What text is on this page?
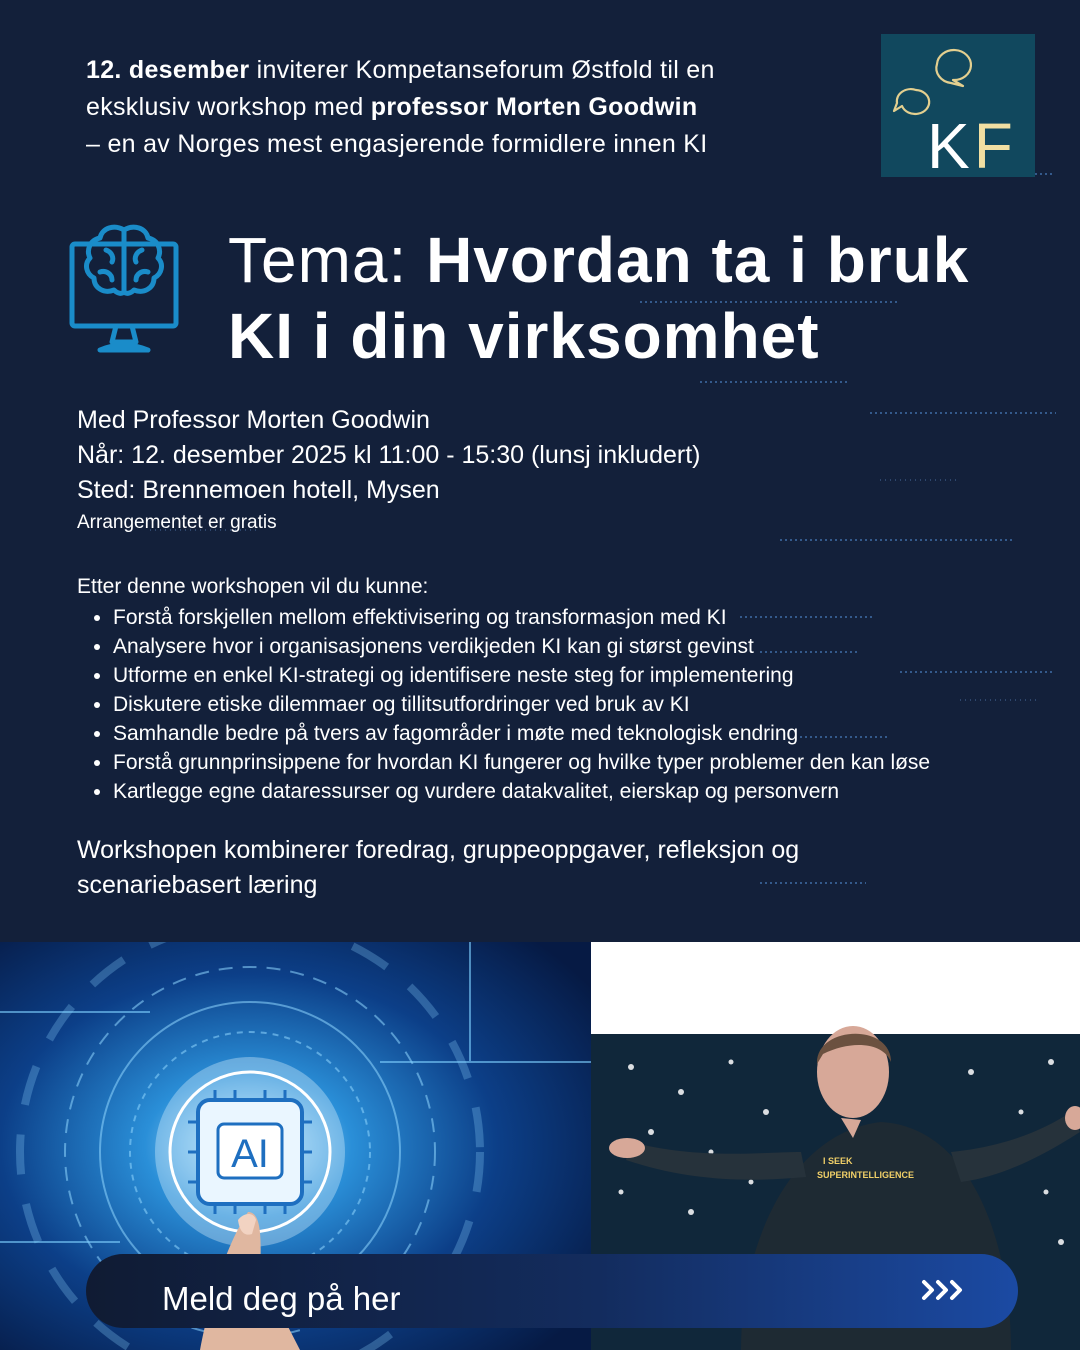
12. desember inviterer Kompetanseforum Østfold til en eksklusiv workshop med professor Morten Goodwin
– en av Norges mest engasjerende formidlere innen KI	KF
Tema: Hvordan ta i bruk KI i din virksomhet
Med Professor Morten Goodwin
Når: 12. desember 2025 kl 11:00 - 15:30 (lunsj inkludert)
Sted: Brennemoen hotell, Mysen
Arrangementet er gratis
Etter denne workshopen vil du kunne:
• Forstå forskjellen mellom effektivisering og transformasjon med KI
• Analysere hvor i organisasjonens verdikjeden KI kan gi størst gevinst
• Utforme en enkel KI-strategi og identifisere neste steg for implementering
• Diskutere etiske dilemmaer og tillitsutfordringer ved bruk av KI
• Samhandle bedre på tvers av fagområder i møte med teknologisk endring
• Forstå grunnprinsippene for hvordan KI fungerer og hvilke typer problemer den kan løse
• Kartlegge egne dataressurser og vurdere datakvalitet, eierskap og personvern
Workshopen kombinerer foredrag, gruppeoppgaver, refleksjon og scenariebasert læring
AI	I SEEK
SUPERINTELLIGENCE
Meld deg på her
